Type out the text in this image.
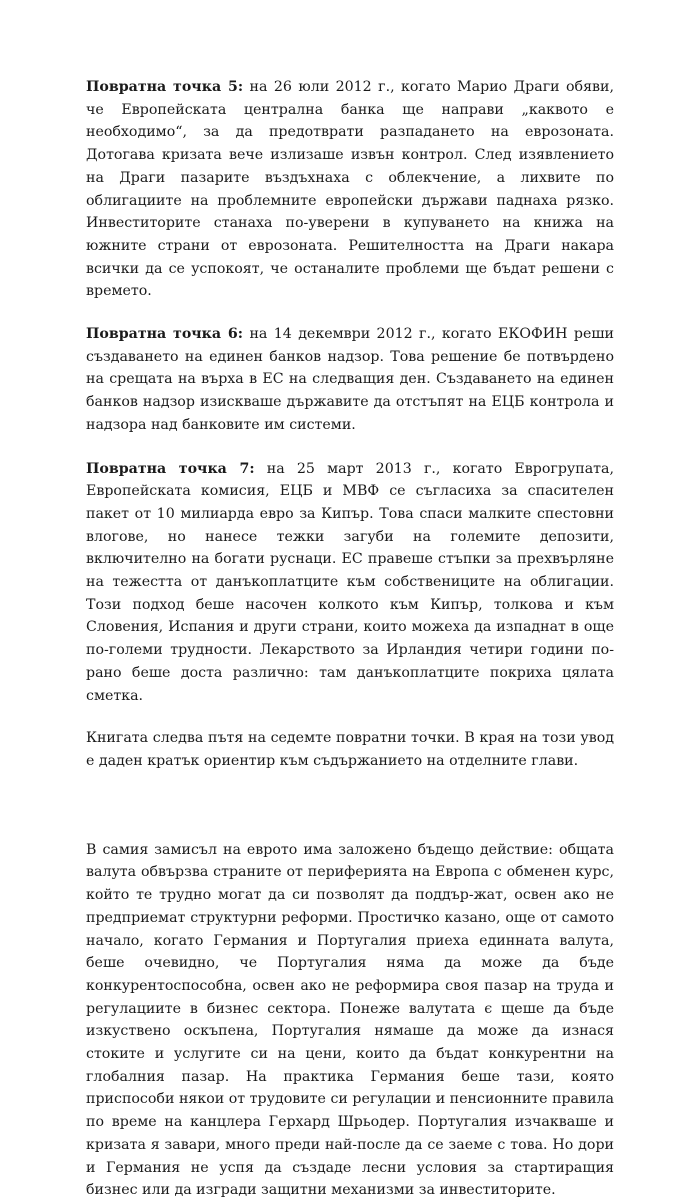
Повратна точка 5: на 26 юли 2012 г., когато Марио Драги обяви, че Европейската централна банка ще направи „каквото е необходимо“, за да предотврати разпадането на еврозоната. Дотогава кризата вече излизаше извън контрол. След изявлението на Драги пазарите въздъхнаха с облекчение, а лихвите по облигациите на проблемните европейски държави паднаха рязко. Инвеститорите станаха по-уверени в купуването на книжа на южните страни от еврозоната. Решителността на Драги накара всички да се успокоят, че останалите проблеми ще бъдат решени с времето.

Повратна точка 6: на 14 декември 2012 г., когато ЕКОФИН реши създаването на единен банков надзор. Това решение бе потвърдено на срещата на върха в ЕС на следващия ден. Създаването на единен банков надзор изискваше държавите да отстъпят на ЕЦБ контрола и надзора над банковите им системи.

Повратна точка 7: на 25 март 2013 г., когато Еврогрупата, Европейската комисия, ЕЦБ и МВФ се съгласиха за спасителен пакет от 10 милиарда евро за Кипър. Това спаси малките спестовни влогове, но нанесе тежки загуби на големите депозити, включително на богати руснаци. ЕС правеше стъпки за прехвърляне на тежестта от данъкоплатците към собствениците на облигации. Този подход беше насочен колкото към Кипър, толкова и към Словения, Испания и други страни, които можеха да изпаднат в още по-големи трудности. Лекарството за Ирландия четири години по-рано беше доста различно: там данъкоплатците покриха цялата сметка.

Книгата следва пътя на седемте повратни точки. В края на този увод е даден кратък ориентир към съдържанието на отделните глави.

В самия замисъл на еврото има заложено бъдещо действие: общата валута обвързва страните от периферията на Европа с обменен курс, който те трудно могат да си позволят да поддър-жат, освен ако не предприемат структурни реформи. Простичко казано, още от самото начало, когато Германия и Португалия приеха единната валута, беше очевидно, че Португалия няма да може да бъде конкурентоспособна, освен ако не реформира своя пазар на труда и регулациите в бизнес сектора. Понеже валутата є щеше да бъде изкуствено оскъпена, Португалия нямаше да може да изнася стоките и услугите си на цени, които да бъдат конкурентни на глобалния пазар. На практика Германия беше тази, която приспособи някои от трудовите си регулации и пенсионните правила по време на канцлера Герхард Шрьодер. Португалия изчакваше и кризата я завари, много преди най-после да се заеме с това. Но дори и Германия не успя да създаде лесни условия за стартиращия бизнес или да изгради защитни механизми за инвеститорите.
